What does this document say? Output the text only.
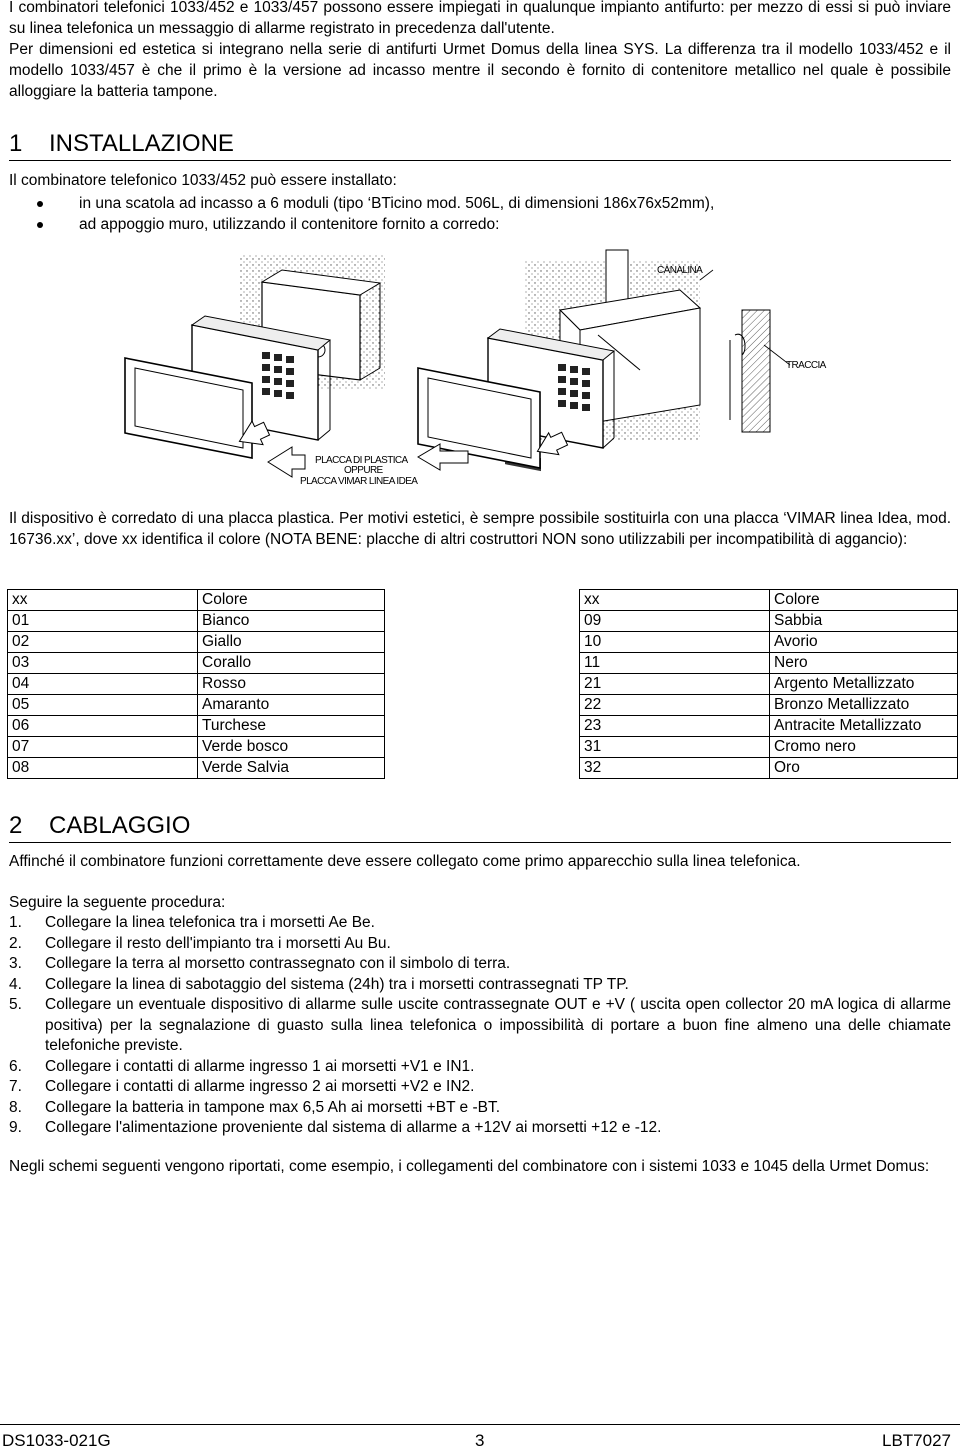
I combinatori telefonici 1033/452 e 1033/457 possono essere impiegati in qualunque impianto antifurto: per mezzo di essi si può inviare su linea telefonica un messaggio di allarme registrato in precedenza dall'utente.

Per dimensioni ed estetica si integrano nella serie di antifurti Urmet Domus della linea SYS. La differenza tra il modello 1033/452 e il modello 1033/457 è che il primo è la versione ad incasso mentre il secondo è fornito di contenitore metallico nel quale è possibile alloggiare la batteria tampone.

1 INSTALLAZIONE

Il combinatore telefonico 1033/452 può essere installato:

in una scatola ad incasso a 6 moduli (tipo ‘BTicino mod. 506L, di dimensioni 186x76x52mm),
ad appoggio muro, utilizzando il contenitore fornito a corredo:
CANALINA
TRACCIA
PLACCA DI PLASTICA
OPPURE
PLACCA VIMAR LINEA IDEA

Il dispositivo è corredato di una placca plastica. Per motivi estetici, è sempre possibile sostituirla con una placca ‘VIMAR linea Idea, mod. 16736.xx’, dove xx identifica il colore (NOTA BENE: placche di altri costruttori NON sono utilizzabili per incompatibilità di aggancio):

xx	Colore
01	Bianco
02	Giallo
03	Corallo
04	Rosso
05	Amaranto
06	Turchese
07	Verde bosco
08	Verde Salvia
xx	Colore
09	Sabbia
10	Avorio
11	Nero
21	Argento Metallizzato
22	Bronzo Metallizzato
23	Antracite Metallizzato
31	Cromo nero
32	Oro
2 CABLAGGIO

Affinché il combinatore funzioni correttamente deve essere collegato come primo apparecchio sulla linea telefonica.

Seguire la seguente procedura:

1. Collegare la linea telefonica tra i morsetti Ae Be.
2. Collegare il resto dell'impianto tra i morsetti Au Bu.
3. Collegare la terra al morsetto contrassegnato con il simbolo di terra.
4. Collegare la linea di sabotaggio del sistema (24h) tra i morsetti contrassegnati TP TP.
5. Collegare un eventuale dispositivo di allarme sulle uscite contrassegnate OUT e +V ( uscita open collector 20 mA logica di allarme positiva) per la segnalazione di guasto sulla linea telefonica o impossibilità di portare a buon fine almeno una delle chiamate telefoniche previste.
6. Collegare i contatti di allarme ingresso 1 ai morsetti +V1 e IN1.
7. Collegare i contatti di allarme ingresso 2 ai morsetti +V2 e IN2.
8. Collegare la batteria in tampone max 6,5 Ah ai morsetti +BT e -BT.
9. Collegare l'alimentazione proveniente dal sistema di allarme a +12V ai morsetti +12 e -12.

Negli schemi seguenti vengono riportati, come esempio, i collegamenti del combinatore con i sistemi 1033 e 1045 della Urmet Domus:

DS1033-021G	3	LBT7027
